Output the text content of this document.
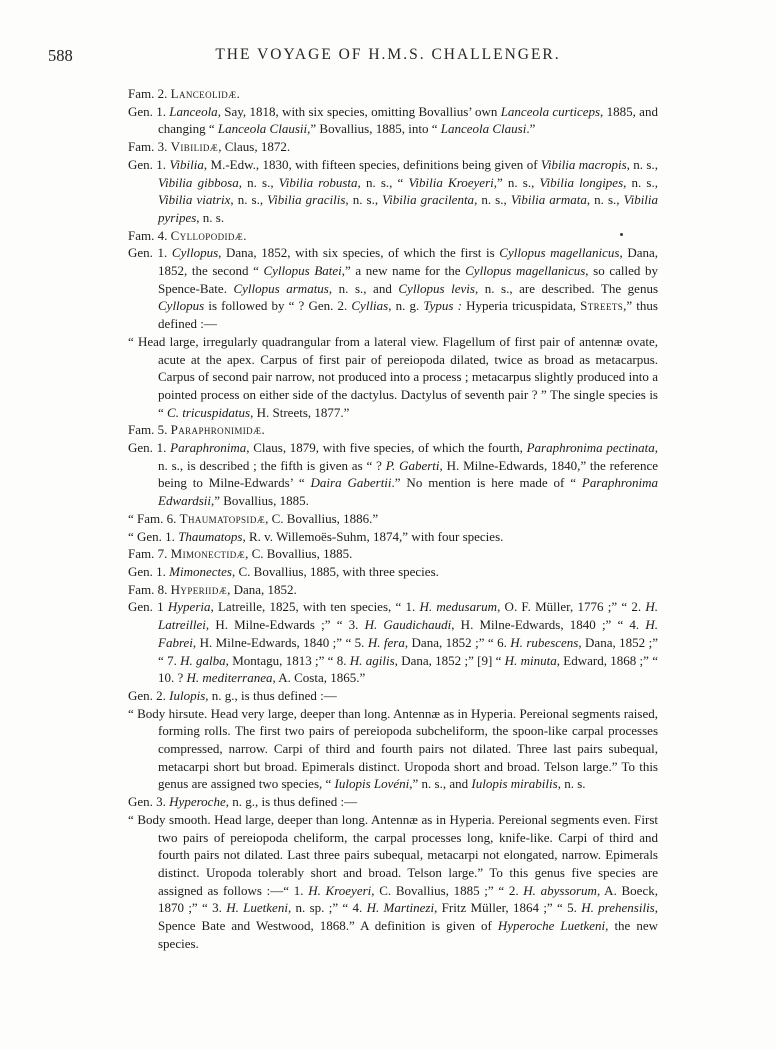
588	THE VOYAGE OF H.M.S. CHALLENGER.

Fam. 2. Lanceolidæ.

Gen. 1. Lanceola, Say, 1818, with six species, omitting Bovallius’ own Lanceola curticeps, 1885, and changing “ Lanceola Clausii,” Bovallius, 1885, into “ Lanceola Clausi.”

Fam. 3. Vibilidæ, Claus, 1872.

Gen. 1. Vibilia, M.-Edw., 1830, with fifteen species, definitions being given of Vibilia macropis, n. s., Vibilia gibbosa, n. s., Vibilia robusta, n. s., “ Vibilia Kroeyeri,” n. s., Vibilia longipes, n. s., Vibilia viatrix, n. s., Vibilia gracilis, n. s., Vibilia gracilenta, n. s., Vibilia armata, n. s., Vibilia pyripes, n. s.

Fam. 4. Cyllopodidæ.

Gen. 1. Cyllopus, Dana, 1852, with six species, of which the first is Cyllopus magellanicus, Dana, 1852, the second “ Cyllopus Batei,” a new name for the Cyllopus magellanicus, so called by Spence-Bate. Cyllopus armatus, n. s., and Cyllopus levis, n. s., are described. The genus Cyllopus is followed by “ ? Gen. 2. Cyllias, n. g. Typus : Hyperia tricuspidata, Streets,” thus defined :—

“ Head large, irregularly quadrangular from a lateral view. Flagellum of first pair of antennæ ovate, acute at the apex. Carpus of first pair of pereiopoda dilated, twice as broad as metacarpus. Carpus of second pair narrow, not produced into a process ; metacarpus slightly produced into a pointed process on either side of the dactylus. Dactylus of seventh pair ? ” The single species is “ C. tricuspidatus, H. Streets, 1877.”

Fam. 5. Paraphronimidæ.

Gen. 1. Paraphronima, Claus, 1879, with five species, of which the fourth, Paraphronima pectinata, n. s., is described ; the fifth is given as “ ? P. Gaberti, H. Milne-Edwards, 1840,” the reference being to Milne-Edwards’ “ Daira Gabertii.” No mention is here made of “ Paraphronima Edwardsii,” Bovallius, 1885.

“ Fam. 6. Thaumatopsidæ, C. Bovallius, 1886.”

“ Gen. 1. Thaumatops, R. v. Willemoës-Suhm, 1874,” with four species.

Fam. 7. Mimonectidæ, C. Bovallius, 1885.

Gen. 1. Mimonectes, C. Bovallius, 1885, with three species.

Fam. 8. Hyperiidæ, Dana, 1852.

Gen. 1 Hyperia, Latreille, 1825, with ten species, “ 1. H. medusarum, O. F. Müller, 1776 ;” “ 2. H. Latreillei, H. Milne-Edwards ;” “ 3. H. Gaudichaudi, H. Milne-Edwards, 1840 ;” “ 4. H. Fabrei, H. Milne-Edwards, 1840 ;” “ 5. H. fera, Dana, 1852 ;” “ 6. H. rubescens, Dana, 1852 ;” “ 7. H. galba, Montagu, 1813 ;” “ 8. H. agilis, Dana, 1852 ;” [9] “ H. minuta, Edward, 1868 ;” “ 10. ? H. mediterranea, A. Costa, 1865.”

Gen. 2. Iulopis, n. g., is thus defined :—

“ Body hirsute. Head very large, deeper than long. Antennæ as in Hyperia. Pereional segments raised, forming rolls. The first two pairs of pereiopoda subcheliform, the spoon-like carpal processes compressed, narrow. Carpi of third and fourth pairs not dilated. Three last pairs subequal, metacarpi short but broad. Epimerals distinct. Uropoda short and broad. Telson large.” To this genus are assigned two species, “ Iulopis Lovéni,” n. s., and Iulopis mirabilis, n. s.

Gen. 3. Hyperoche, n. g., is thus defined :—

“ Body smooth. Head large, deeper than long. Antennæ as in Hyperia. Pereional segments even. First two pairs of pereiopoda cheliform, the carpal processes long, knife-like. Carpi of third and fourth pairs not dilated. Last three pairs subequal, metacarpi not elongated, narrow. Epimerals distinct. Uropoda tolerably short and broad. Telson large.” To this genus five species are assigned as follows :—“ 1. H. Kroeyeri, C. Bovallius, 1885 ;” “ 2. H. abyssorum, A. Boeck, 1870 ;” “ 3. H. Luetkeni, n. sp. ;” “ 4. H. Martinezi, Fritz Müller, 1864 ;” “ 5. H. prehensilis, Spence Bate and Westwood, 1868.” A definition is given of Hyperoche Luetkeni, the new species.
